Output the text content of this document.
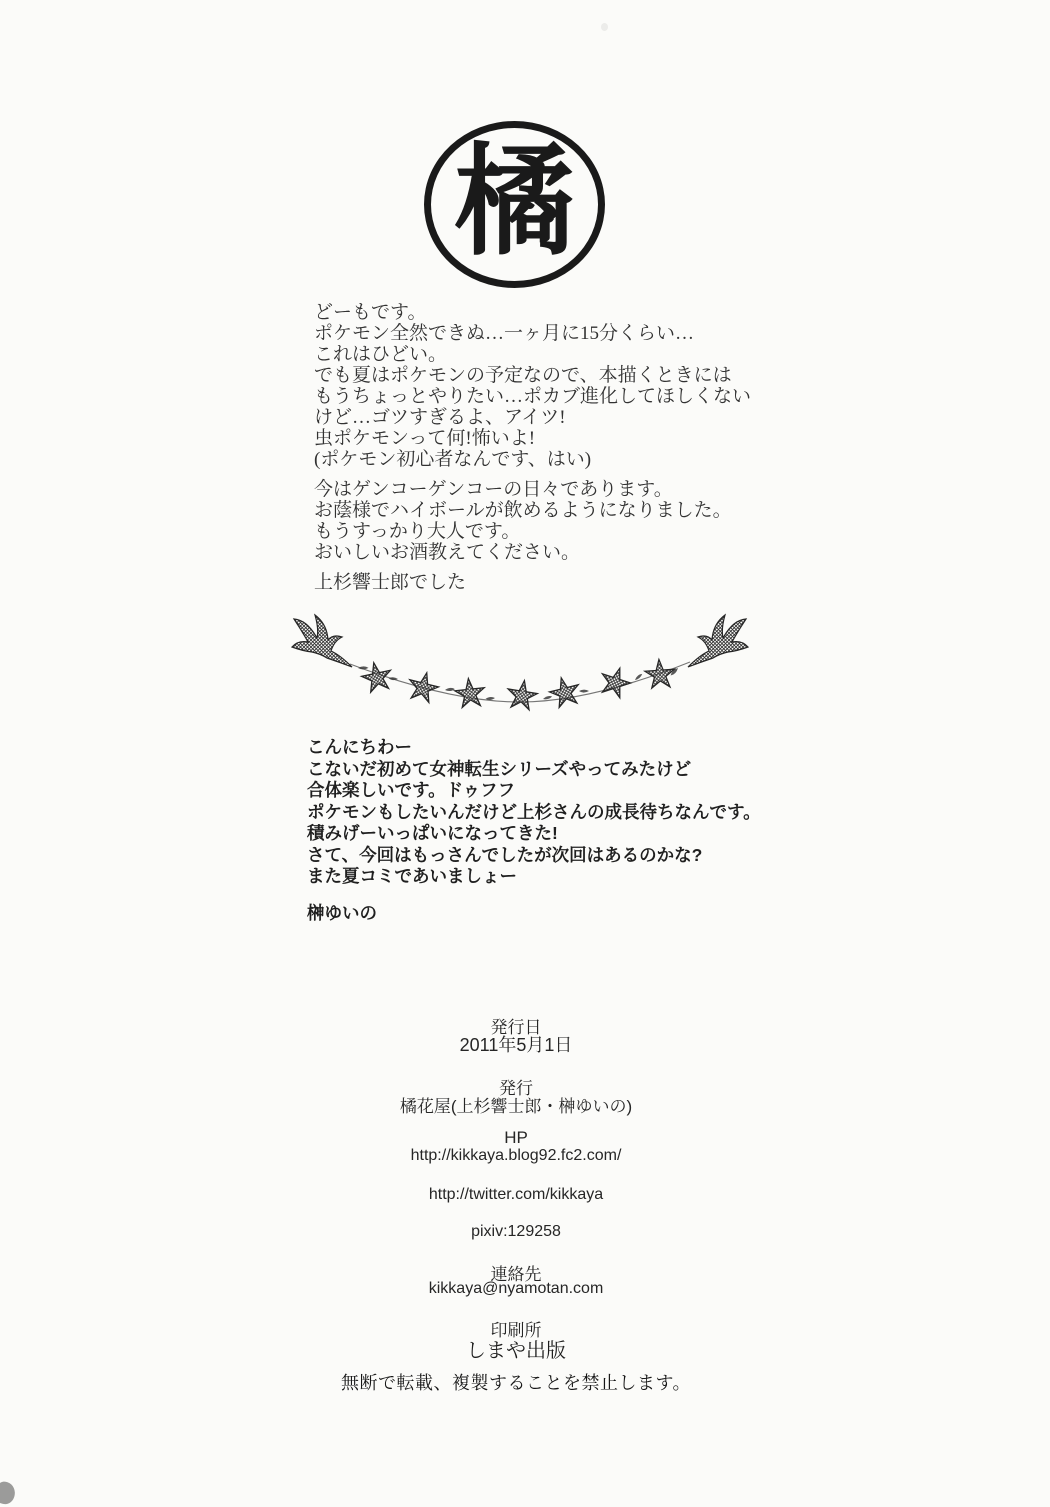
橘
どーもです。
ポケモン全然できぬ…一ヶ月に15分くらい…
これはひどい。
でも夏はポケモンの予定なので、本描くときには
もうちょっとやりたい…ポカブ進化してほしくない
けど…ゴツすぎるよ、アイツ!
虫ポケモンって何!怖いよ!
(ポケモン初心者なんです、はい)
今はゲンコーゲンコーの日々であります。
お蔭様でハイボールが飲めるようになりました。
もうすっかり大人です。
おいしいお酒教えてください。
上杉響士郎でした
こんにちわー
こないだ初めて女神転生シリーズやってみたけど
合体楽しいです。ドゥフフ
ポケモンもしたいんだけど上杉さんの成長待ちなんです。
積みげーいっぱいになってきた!
さて、今回はもっさんでしたが次回はあるのかな?
また夏コミであいましょー
榊ゆいの
発行日
2011年5月1日
発行
橘花屋(上杉響士郎・榊ゆいの)
HP
http://kikkaya.blog92.fc2.com/
http://twitter.com/kikkaya
pixiv:129258
連絡先
kikkaya@nyamotan.com
印刷所
しまや出版
無断で転載、複製することを禁止します。
